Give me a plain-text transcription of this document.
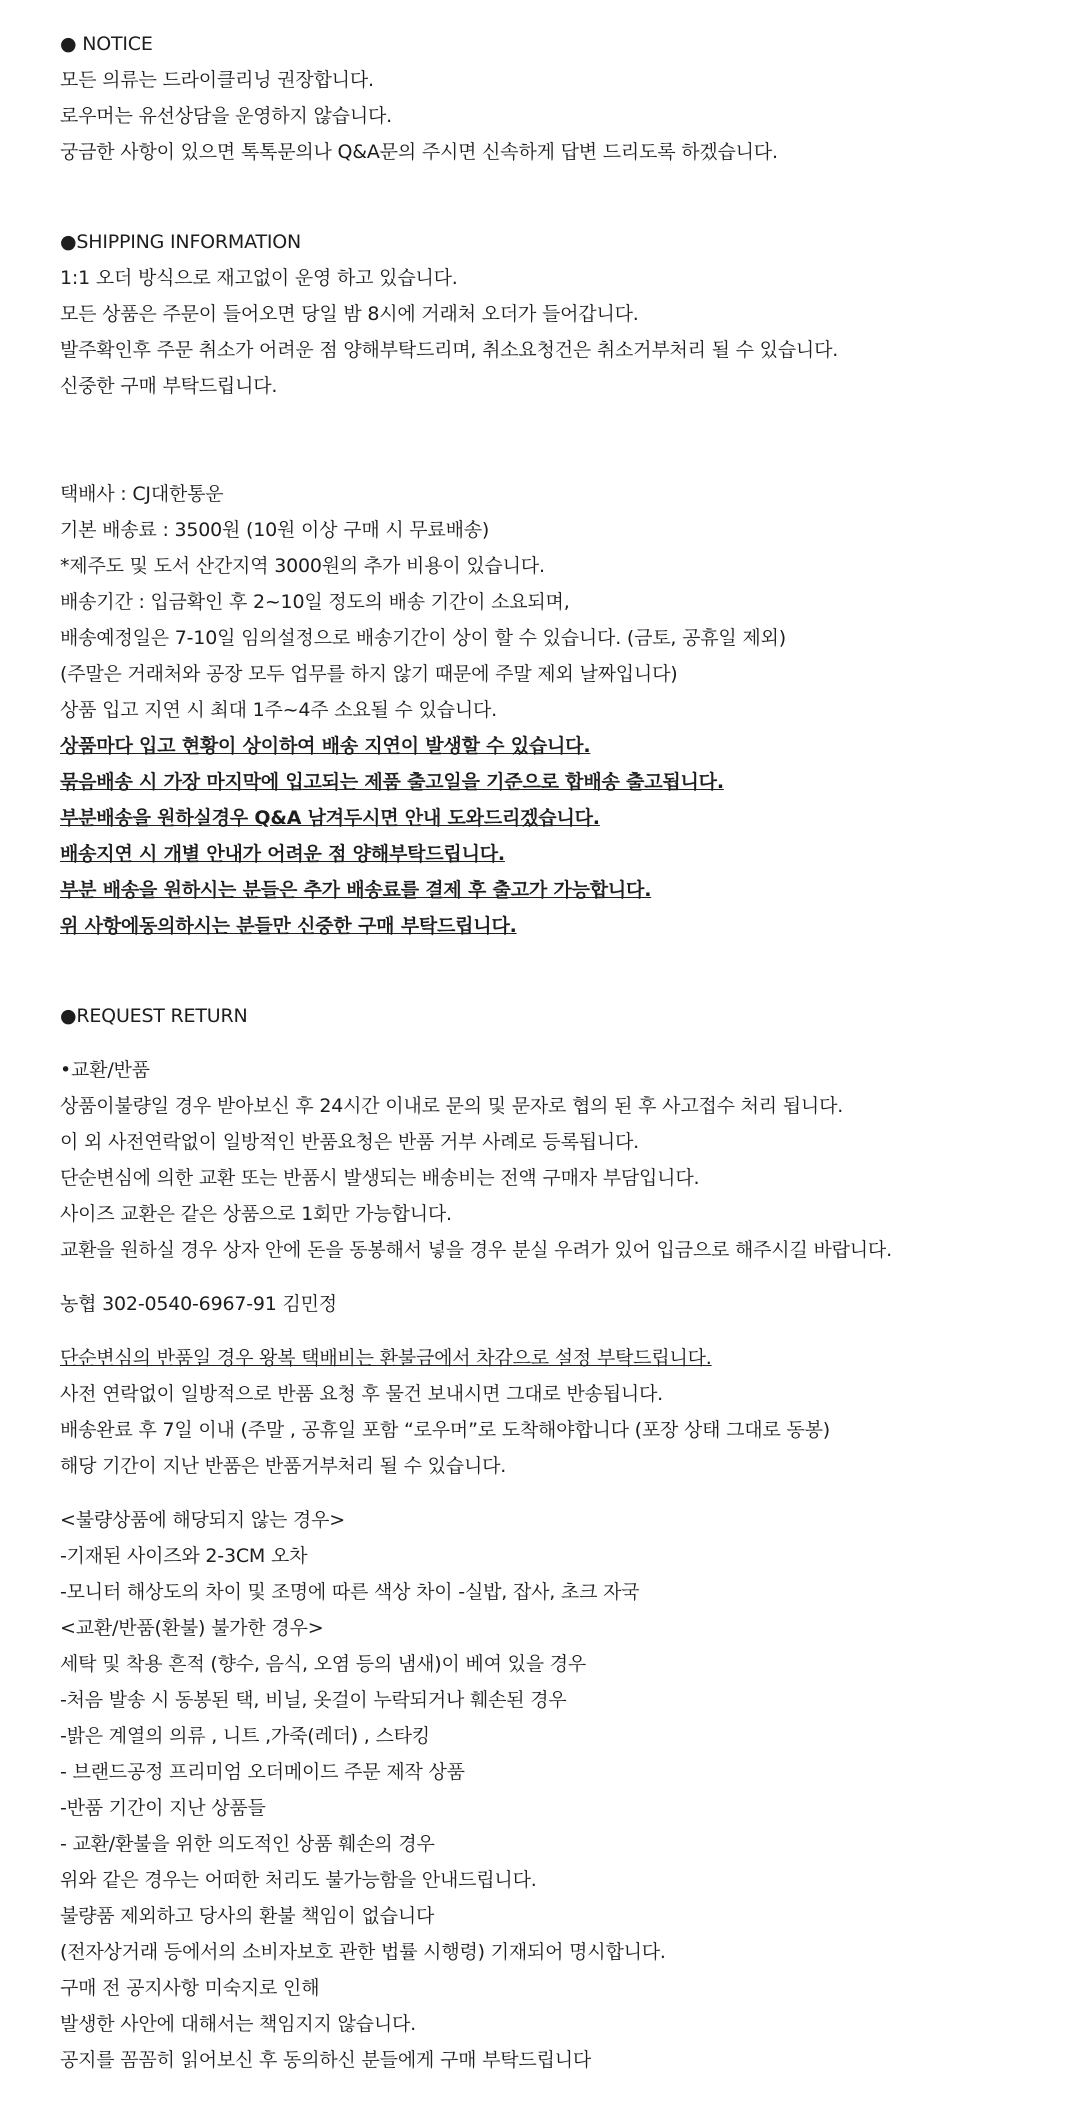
● NOTICE
모든 의류는 드라이클리닝 권장합니다.
로우머는 유선상담을 운영하지 않습니다.
궁금한 사항이 있으면 톡톡문의나 Q&A문의 주시면 신속하게 답변 드리도록 하겠습니다.
●SHIPPING INFORMATION
1:1 오더 방식으로 재고없이 운영 하고 있습니다.
모든 상품은 주문이 들어오면 당일 밤 8시에 거래처 오더가 들어갑니다.
발주확인후 주문 취소가 어려운 점 양해부탁드리며, 취소요청건은 취소거부처리 될 수 있습니다.
신중한 구매 부탁드립니다.
택배사 : CJ대한통운
기본 배송료 : 3500원 (10원 이상 구매 시 무료배송)
*제주도 및 도서 산간지역 3000원의 추가 비용이 있습니다.
배송기간 : 입금확인 후 2~10일 정도의 배송 기간이 소요되며,
배송예정일은 7-10일 임의설정으로 배송기간이 상이 할 수 있습니다. (금토, 공휴일 제외)
(주말은 거래처와 공장 모두 업무를 하지 않기 때문에 주말 제외 날짜입니다)
상품 입고 지연 시 최대 1주~4주 소요될 수 있습니다.
상품마다 입고 현황이 상이하여 배송 지연이 발생할 수 있습니다.
묶음배송 시 가장 마지막에 입고되는 제품 출고일을 기준으로 합배송 출고됩니다.
부분배송을 원하실경우 Q&A 남겨두시면 안내 도와드리겠습니다.
배송지연 시 개별 안내가 어려운 점 양해부탁드립니다.
부분 배송을 원하시는 분들은 추가 배송료를 결제 후 출고가 가능합니다.
위 사항에동의하시는 분들만 신중한 구매 부탁드립니다.
●REQUEST RETURN
•교환/반품
상품이불량일 경우 받아보신 후 24시간 이내로 문의 및 문자로 협의 된 후 사고접수 처리 됩니다.
이 외 사전연락없이 일방적인 반품요청은 반품 거부 사례로 등록됩니다.
단순변심에 의한 교환 또는 반품시 발생되는 배송비는 전액 구매자 부담입니다.
사이즈 교환은 같은 상품으로 1회만 가능합니다.
교환을 원하실 경우 상자 안에 돈을 동봉해서 넣을 경우 분실 우려가 있어 입금으로 해주시길 바랍니다.
농협 302-0540-6967-91 김민정
단순변심의 반품일 경우 왕복 택배비는 환불금에서 차감으로 설정 부탁드립니다.
사전 연락없이 일방적으로 반품 요청 후 물건 보내시면 그대로 반송됩니다.
배송완료 후 7일 이내 (주말 , 공휴일 포함 “로우머”로 도착해야합니다 (포장 상태 그대로 동봉)
해당 기간이 지난 반품은 반품거부처리 될 수 있습니다.
<불량상품에 해당되지 않는 경우>
-기재된 사이즈와 2-3CM 오차
-모니터 해상도의 차이 및 조명에 따른 색상 차이 -실밥, 잡사, 초크 자국
<교환/반품(환불) 불가한 경우>
세탁 및 착용 흔적 (향수, 음식, 오염 등의 냄새)이 베여 있을 경우
-처음 발송 시 동봉된 택, 비닐, 옷걸이 누락되거나 훼손된 경우
-밝은 계열의 의류 , 니트 ,가죽(레더) , 스타킹
- 브랜드공정 프리미엄 오더메이드 주문 제작 상품
-반품 기간이 지난 상품들
- 교환/환불을 위한 의도적인 상품 훼손의 경우
위와 같은 경우는 어떠한 처리도 불가능함을 안내드립니다.
불량품 제외하고 당사의 환불 책임이 없습니다
(전자상거래 등에서의 소비자보호 관한 법률 시행령) 기재되어 명시합니다.
구매 전 공지사항 미숙지로 인해
발생한 사안에 대해서는 책임지지 않습니다.
공지를 꼼꼼히 읽어보신 후 동의하신 분들에게 구매 부탁드립니다
